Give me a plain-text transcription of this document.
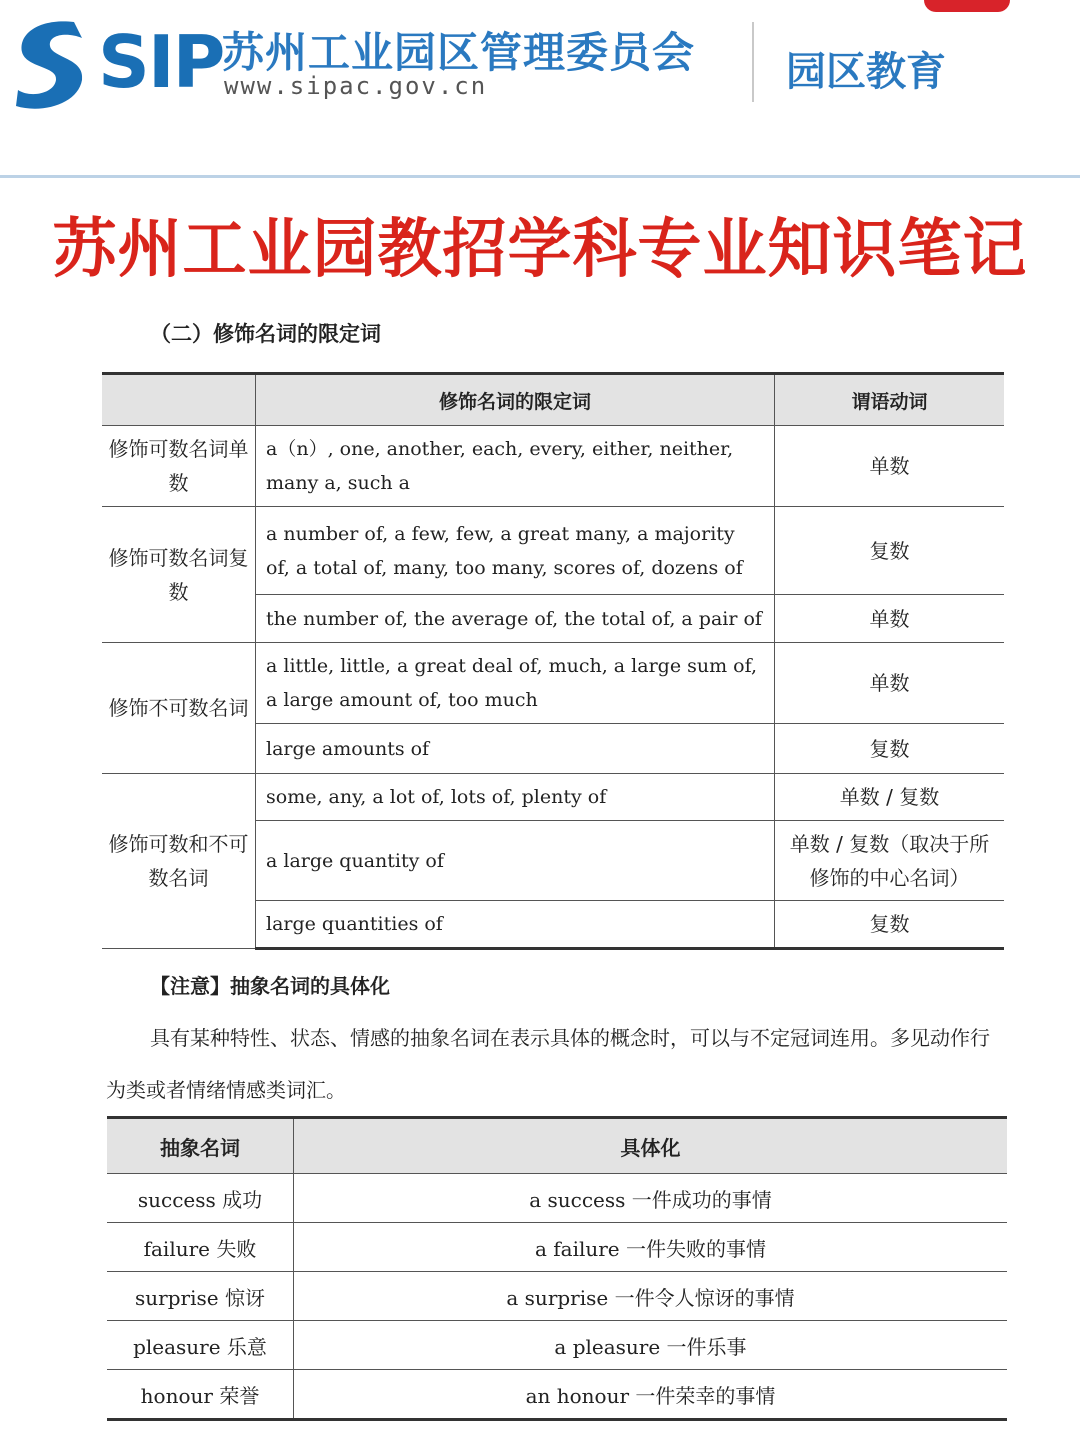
SIP
苏州工业园区管理委员会
www.sipac.gov.cn	园区教育
苏州工业园教招学科专业知识笔记
（二）修饰名词的限定词
	修饰名词的限定词	谓语动词
修饰可数名词单数	a（n）, one, another, each, every, either, neither, many a, such a	单数
修饰可数名词复数	a number of, a few, few, a great many, a majority of, a total of, many, too many, scores of, dozens of	复数
	the number of, the average of, the total of, a pair of	单数
修饰不可数名词	a little, little, a great deal of, much, a large sum of, a large amount of, too much	单数
	large amounts of	复数
修饰可数和不可数名词	some, any, a lot of, lots of, plenty of	单数 / 复数
	a large quantity of	单数 / 复数（取决于所修饰的中心名词）
	large quantities of	复数
【注意】抽象名词的具体化
具有某种特性、状态、情感的抽象名词在表示具体的概念时，可以与不定冠词连用。多见动作行为类或者情绪情感类词汇。
抽象名词	具体化
success 成功	a success 一件成功的事情
failure 失败	a failure 一件失败的事情
surprise 惊讶	a surprise 一件令人惊讶的事情
pleasure 乐意	a pleasure 一件乐事
honour 荣誉	an honour 一件荣幸的事情
